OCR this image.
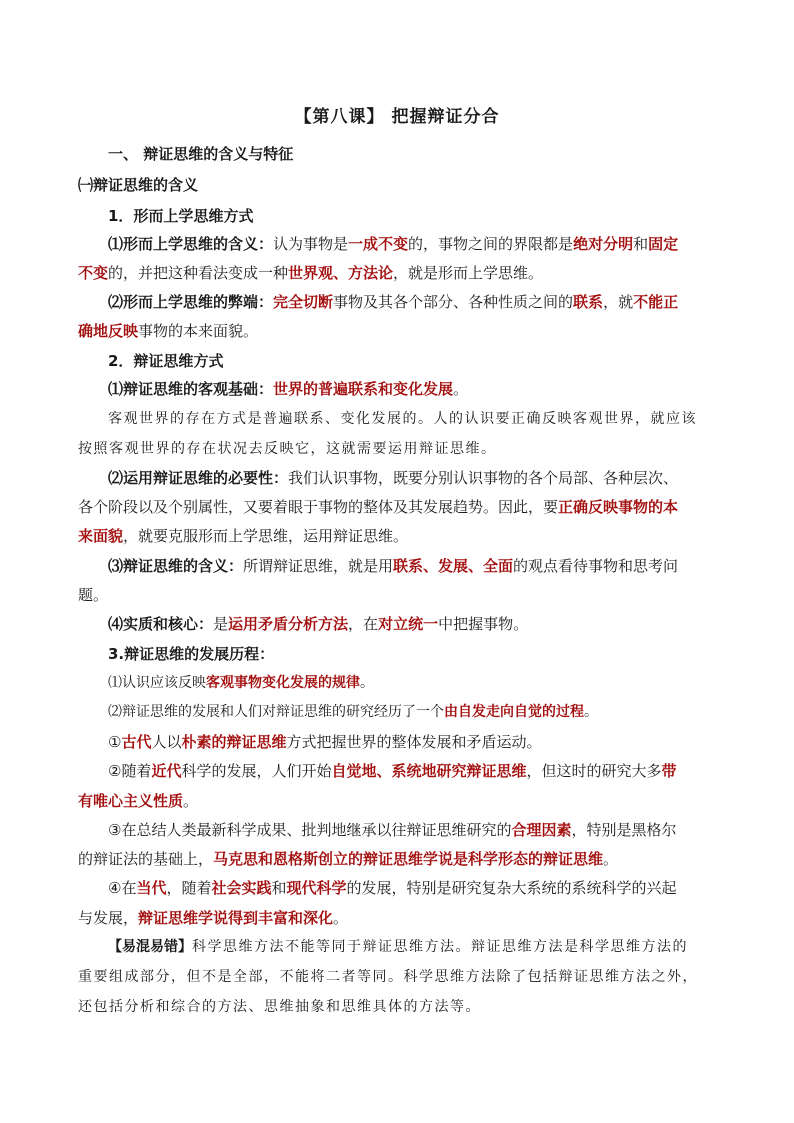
【第八课】 把握辩证分合
一、 辩证思维的含义与特征
㈠辩证思维的含义
1．形而上学思维方式
⑴形而上学思维的含义：认为事物是一成不变的，事物之间的界限都是绝对分明和固定
不变的，并把这种看法变成一种世界观、方法论，就是形而上学思维。
⑵形而上学思维的弊端：完全切断事物及其各个部分、各种性质之间的联系，就不能正
确地反映事物的本来面貌。
2．辩证思维方式
⑴辩证思维的客观基础：世界的普遍联系和变化发展。
客观世界的存在方式是普遍联系、变化发展的。人的认识要正确反映客观世界，就应该
按照客观世界的存在状况去反映它，这就需要运用辩证思维。
⑵运用辩证思维的必要性：我们认识事物，既要分别认识事物的各个局部、各种层次、
各个阶段以及个别属性，又要着眼于事物的整体及其发展趋势。因此，要正确反映事物的本
来面貌，就要克服形而上学思维，运用辩证思维。
⑶辩证思维的含义：所谓辩证思维，就是用联系、发展、全面的观点看待事物和思考问
题。
⑷实质和核心：是运用矛盾分析方法，在对立统一中把握事物。
3.辩证思维的发展历程：
⑴认识应该反映客观事物变化发展的规律。
⑵辩证思维的发展和人们对辩证思维的研究经历了一个由自发走向自觉的过程。
①古代人以朴素的辩证思维方式把握世界的整体发展和矛盾运动。
②随着近代科学的发展，人们开始自觉地、系统地研究辩证思维，但这时的研究大多带
有唯心主义性质。
③在总结人类最新科学成果、批判地继承以往辩证思维研究的合理因素，特别是黑格尔
的辩证法的基础上，马克思和恩格斯创立的辩证思维学说是科学形态的辩证思维。
④在当代，随着社会实践和现代科学的发展，特别是研究复杂大系统的系统科学的兴起
与发展，辩证思维学说得到丰富和深化。
【易混易错】科学思维方法不能等同于辩证思维方法。辩证思维方法是科学思维方法的
重要组成部分，但不是全部，不能将二者等同。科学思维方法除了包括辩证思维方法之外，
还包括分析和综合的方法、思维抽象和思维具体的方法等。
